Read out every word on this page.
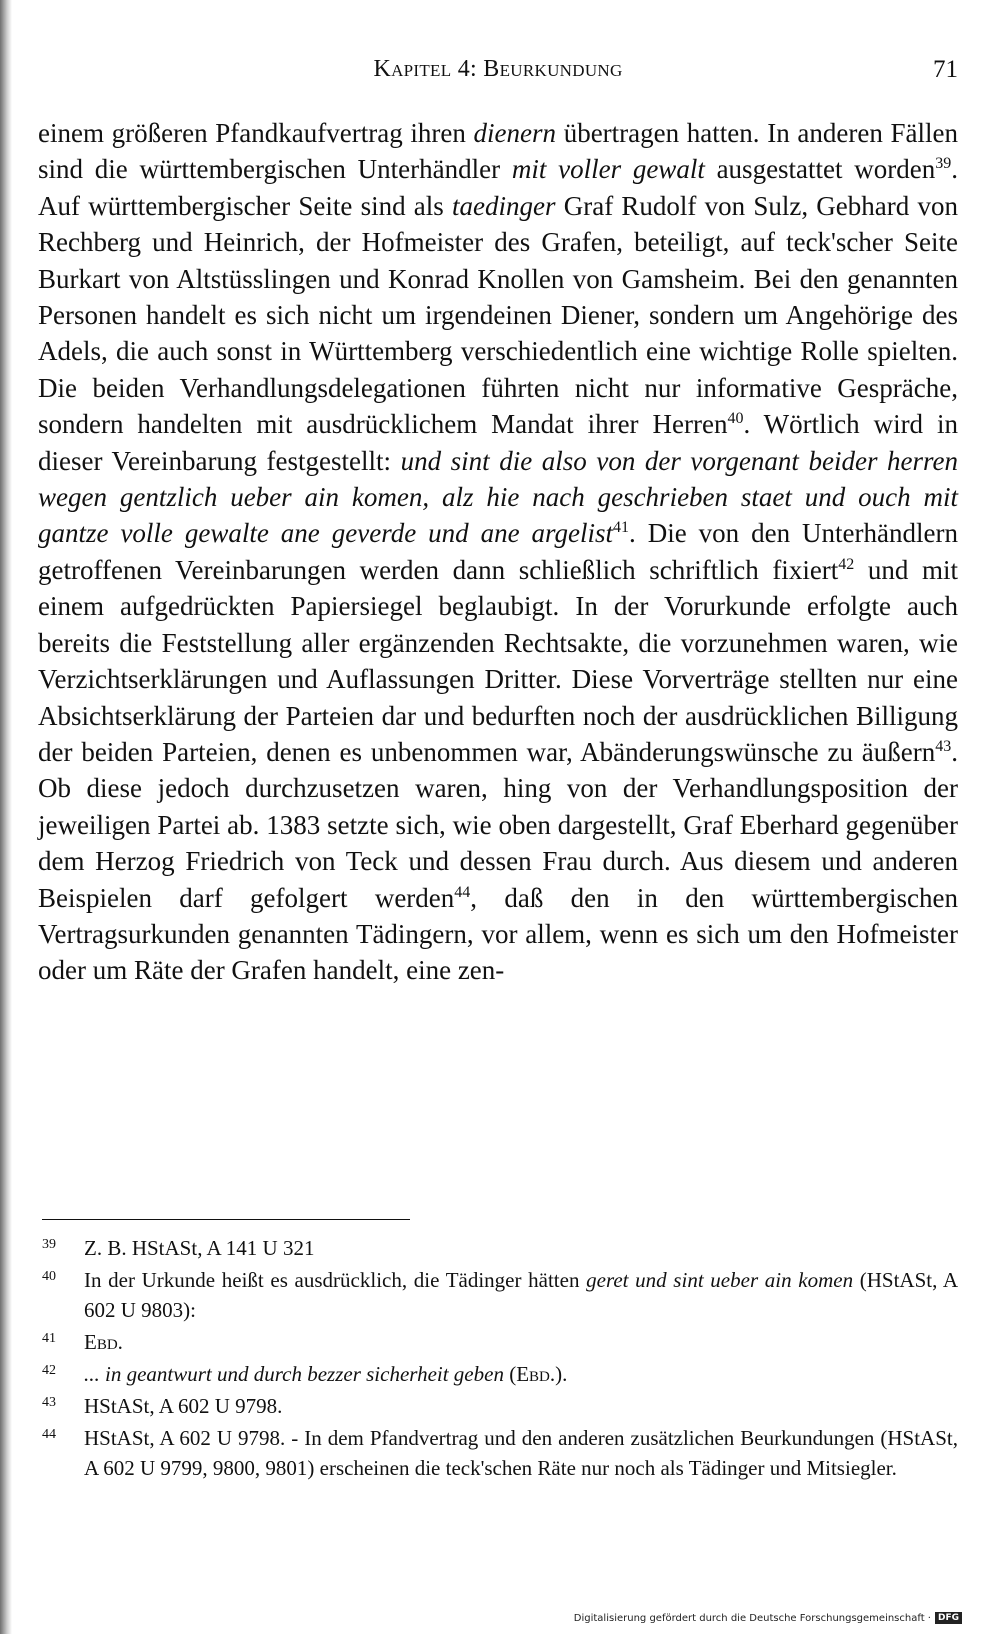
Kapitel 4: Beurkundung	71

einem größeren Pfandkaufvertrag ihren dienern übertragen hatten. In anderen Fällen sind die württembergischen Unterhändler mit voller gewalt ausgestattet worden$^{39}$. Auf württembergischer Seite sind als taedinger Graf Rudolf von Sulz, Gebhard von Rechberg und Heinrich, der Hofmeister des Grafen, beteiligt, auf teck'scher Seite Burkart von Altstüsslingen und Konrad Knollen von Gamsheim. Bei den genannten Personen handelt es sich nicht um irgendeinen Diener, sondern um Angehörige des Adels, die auch sonst in Württemberg verschiedentlich eine wichtige Rolle spielten. Die beiden Verhandlungsdelegationen führten nicht nur informative Gespräche, sondern handelten mit ausdrücklichem Mandat ihrer Herren$^{40}$. Wörtlich wird in dieser Vereinbarung festgestellt: und sint die also von der vorgenant beider herren wegen gentzlich ueber ain komen, alz hie nach geschrieben staet und ouch mit gantze volle gewalte ane geverde und ane argelist$^{41}$. Die von den Unterhändlern getroffenen Vereinbarungen werden dann schließlich schriftlich fixiert$^{42}$ und mit einem aufgedrückten Papiersiegel beglaubigt. In der Vorurkunde erfolgte auch bereits die Feststellung aller ergänzenden Rechtsakte, die vorzunehmen waren, wie Verzichtserklärungen und Auflassungen Dritter. Diese Vorverträge stellten nur eine Absichtserklärung der Parteien dar und bedurften noch der ausdrücklichen Billigung der beiden Parteien, denen es unbenommen war, Abänderungswünsche zu äußern$^{43}$. Ob diese jedoch durchzusetzen waren, hing von der Verhandlungsposition der jeweiligen Partei ab. 1383 setzte sich, wie oben dargestellt, Graf Eberhard gegenüber dem Herzog Friedrich von Teck und dessen Frau durch. Aus diesem und anderen Beispielen darf gefolgert werden$^{44}$, daß den in den württembergischen Vertragsurkunden genannten Tädingern, vor allem, wenn es sich um den Hofmeister oder um Räte der Grafen handelt, eine zen-

39 Z. B. HStASt, A 141 U 321
40 In der Urkunde heißt es ausdrücklich, die Tädinger hätten geret und sint ueber ain komen (HStASt, A 602 U 9803):
41 Ebd.
42 ... in geantwurt und durch bezzer sicherheit geben (Ebd.).
43 HStASt, A 602 U 9798.
44 HStASt, A 602 U 9798. - In dem Pfandvertrag und den anderen zusätzlichen Beurkundungen (HStASt, A 602 U 9799, 9800, 9801) erscheinen die teck'schen Räte nur noch als Tädinger und Mitsiegler.
Digitalisierung gefördert durch die Deutsche Forschungsgemeinschaft · DFG
